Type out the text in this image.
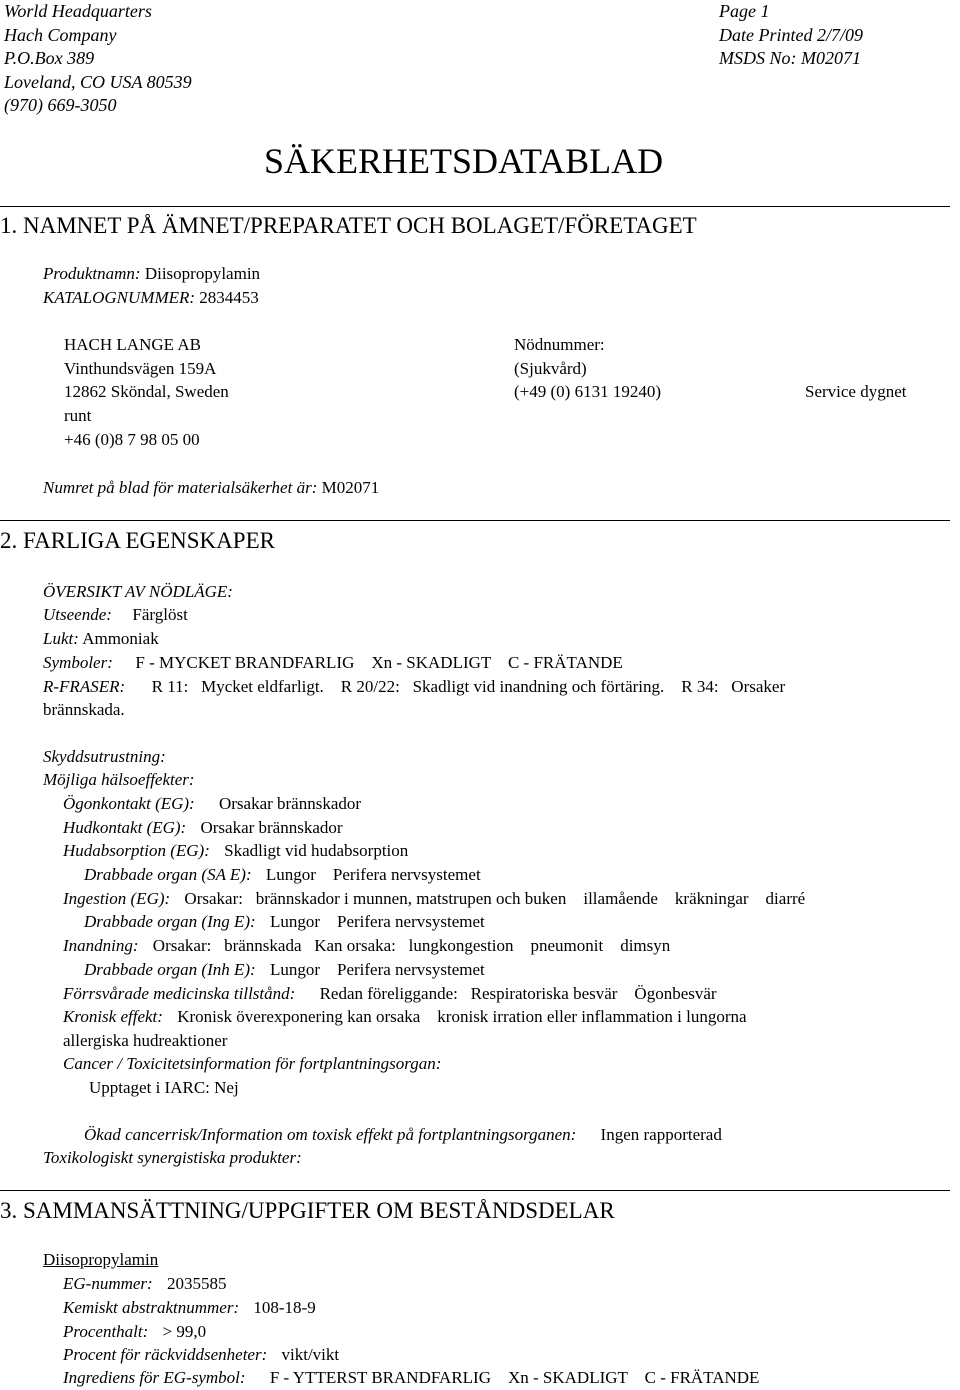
World Headquarters
Hach Company
P.O.Box 389
Loveland, CO USA 80539
(970) 669-3050
Page 1
Date Printed 2/7/09
MSDS No: M02071
SÄKERHETSDATABLAD
1. NAMNET PÅ ÄMNET/PREPARATET OCH BOLAGET/FÖRETAGET
Produktnamn: Diisopropylamin
KATALOGNUMMER: 2834453
HACH LANGE AB
Vinthundsvägen 159A
12862 Sköndal, Sweden
Nödnummer:
(Sjukvård)
(+49 (0) 6131 19240)	Service dygnet
runt
+46 (0)8 7 98 05 00
Numret på blad för materialsäkerhet är: M02071
2. FARLIGA EGENSKAPER
ÖVERSIKT AV NÖDLÄGE:
Utseende: Färglöst
Lukt: Ammoniak
Symboler: F - MYCKET BRANDFARLIG    Xn - SKADLIGT    C - FRÄTANDE
R-FRASER: R 11:   Mycket eldfarligt.    R 20/22:   Skadligt vid inandning och förtäring.    R 34:   Orsaker
brännskada.
Skyddsutrustning:
Möjliga hälsoeffekter:
Ögonkontakt (EG): Orsakar brännskador
Hudkontakt (EG): Orsakar brännskador
Hudabsorption (EG): Skadligt vid hudabsorption
Drabbade organ (SA E): Lungor    Perifera nervsystemet
Ingestion (EG): Orsakar:   brännskador i munnen, matstrupen och buken    illamående    kräkningar    diarré
Drabbade organ (Ing E): Lungor    Perifera nervsystemet
Inandning: Orsakar:   brännskada   Kan orsaka:   lungkongestion    pneumonit    dimsyn
Drabbade organ (Inh E): Lungor    Perifera nervsystemet
Förrsvårade medicinska tillstånd: Redan föreliggande:   Respiratoriska besvär    Ögonbesvär
Kronisk effekt: Kronisk överexponering kan orsaka    kronisk irration eller inflammation i lungorna
allergiska hudreaktioner
Cancer / Toxicitetsinformation för fortplantningsorgan:
Upptaget i IARC: Nej
Ökad cancerrisk/Information om toxisk effekt på fortplantningsorganen: Ingen rapporterad
Toxikologiskt synergistiska produkter:
3. SAMMANSÄTTNING/UPPGIFTER OM BESTÅNDSDELAR
Diisopropylamin
EG-nummer: 2035585
Kemiskt abstraktnummer: 108-18-9
Procenthalt: > 99,0
Procent för räckviddsenheter: vikt/vikt
Ingrediens för EG-symbol: F - YTTERST BRANDFARLIG    Xn - SKADLIGT    C - FRÄTANDE
